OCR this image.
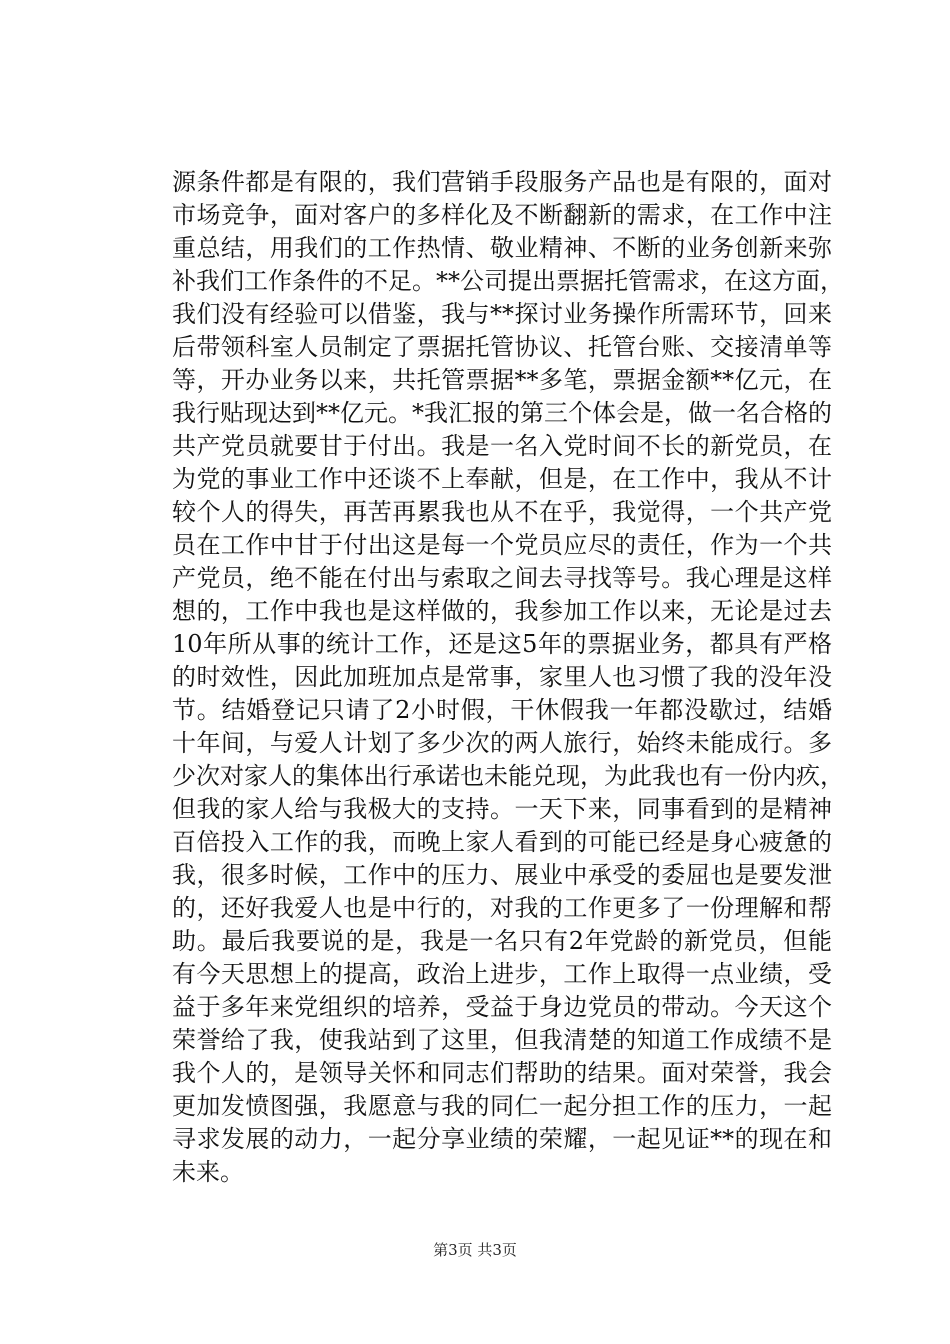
源条件都是有限的，我们营销手段服务产品也是有限的，面对
市场竞争，面对客户的多样化及不断翻新的需求，在工作中注
重总结，用我们的工作热情、敬业精神、不断的业务创新来弥
补我们工作条件的不足。**公司提出票据托管需求，在这方面，
我们没有经验可以借鉴，我与**探讨业务操作所需环节，回来
后带领科室人员制定了票据托管协议、托管台账、交接清单等
等，开办业务以来，共托管票据**多笔，票据金额**亿元，在
我行贴现达到**亿元。*我汇报的第三个体会是，做一名合格的
共产党员就要甘于付出。我是一名入党时间不长的新党员，在
为党的事业工作中还谈不上奉献，但是，在工作中，我从不计
较个人的得失，再苦再累我也从不在乎，我觉得，一个共产党
员在工作中甘于付出这是每一个党员应尽的责任，作为一个共
产党员，绝不能在付出与索取之间去寻找等号。我心理是这样
想的，工作中我也是这样做的，我参加工作以来，无论是过去
10年所从事的统计工作，还是这5年的票据业务，都具有严格
的时效性，因此加班加点是常事，家里人也习惯了我的没年没
节。结婚登记只请了2小时假，干休假我一年都没歇过，结婚
十年间，与爱人计划了多少次的两人旅行，始终未能成行。多
少次对家人的集体出行承诺也未能兑现，为此我也有一份内疚，
但我的家人给与我极大的支持。一天下来，同事看到的是精神
百倍投入工作的我，而晚上家人看到的可能已经是身心疲惫的
我，很多时候，工作中的压力、展业中承受的委屈也是要发泄
的，还好我爱人也是中行的，对我的工作更多了一份理解和帮
助。最后我要说的是，我是一名只有2年党龄的新党员，但能
有今天思想上的提高，政治上进步，工作上取得一点业绩，受
益于多年来党组织的培养，受益于身边党员的带动。今天这个
荣誉给了我，使我站到了这里，但我清楚的知道工作成绩不是
我个人的，是领导关怀和同志们帮助的结果。面对荣誉，我会
更加发愤图强，我愿意与我的同仁一起分担工作的压力，一起
寻求发展的动力，一起分享业绩的荣耀，一起见证**的现在和
未来。
第3页 共3页
